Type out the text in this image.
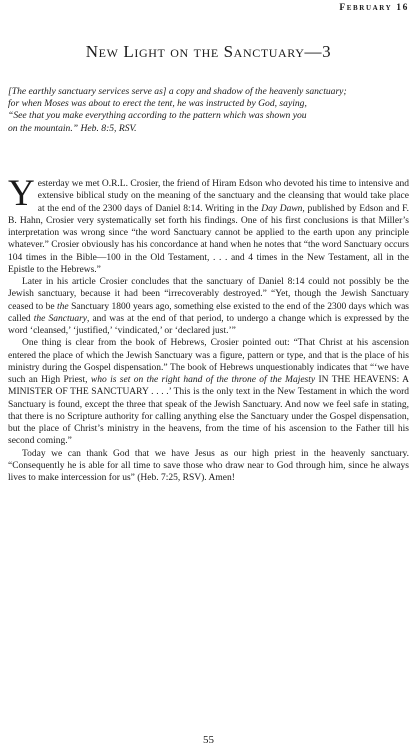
February 16
New Light on the Sanctuary—3
[The earthly sanctuary services serve as] a copy and shadow of the heavenly sanctuary;
for when Moses was about to erect the tent, he was instructed by God, saying,
“See that you make everything according to the pattern which was shown you
on the mountain.” Heb. 8:5, RSV.

Yesterday we met O.R.L. Crosier, the friend of Hiram Edson who devoted his time to intensive and extensive biblical study on the meaning of the sanctuary and the cleansing that would take place at the end of the 2300 days of Daniel 8:14. Writing in the Day Dawn, published by Edson and F. B. Hahn, Crosier very systematically set forth his findings. One of his first conclusions is that Miller’s interpretation was wrong since “the word Sanctuary cannot be applied to the earth upon any principle whatever.” Crosier obviously has his concordance at hand when he notes that “the word Sanctuary occurs 104 times in the Bible—100 in the Old Testament, . . . and 4 times in the New Testament, all in the Epistle to the Hebrews.”

Later in his article Crosier concludes that the sanctuary of Daniel 8:14 could not possibly be the Jewish sanctuary, because it had been “irrecoverably destroyed.” “Yet, though the Jewish Sanctuary ceased to be the Sanctuary 1800 years ago, something else existed to the end of the 2300 days which was called the Sanctuary, and was at the end of that period, to undergo a change which is expressed by the word ‘cleansed,’ ‘justified,’ ‘vindicated,’ or ‘declared just.’”

One thing is clear from the book of Hebrews, Crosier pointed out: “That Christ at his ascension entered the place of which the Jewish Sanctuary was a figure, pattern or type, and that is the place of his ministry during the Gospel dispensation.” The book of Hebrews unquestionably indicates that “‘we have such an High Priest, who is set on the right hand of the throne of the Majesty IN THE HEAVENS: A MINISTER OF THE SANCTUARY . . . .’ This is the only text in the New Testament in which the word Sanctuary is found, except the three that speak of the Jewish Sanctuary. And now we feel safe in stating, that there is no Scripture authority for calling anything else the Sanctuary under the Gospel dispensation, but the place of Christ’s ministry in the heavens, from the time of his ascension to the Father till his second coming.”

Today we can thank God that we have Jesus as our high priest in the heavenly sanctuary. “Consequently he is able for all time to save those who draw near to God through him, since he always lives to make intercession for us” (Heb. 7:25, RSV). Amen!

55
